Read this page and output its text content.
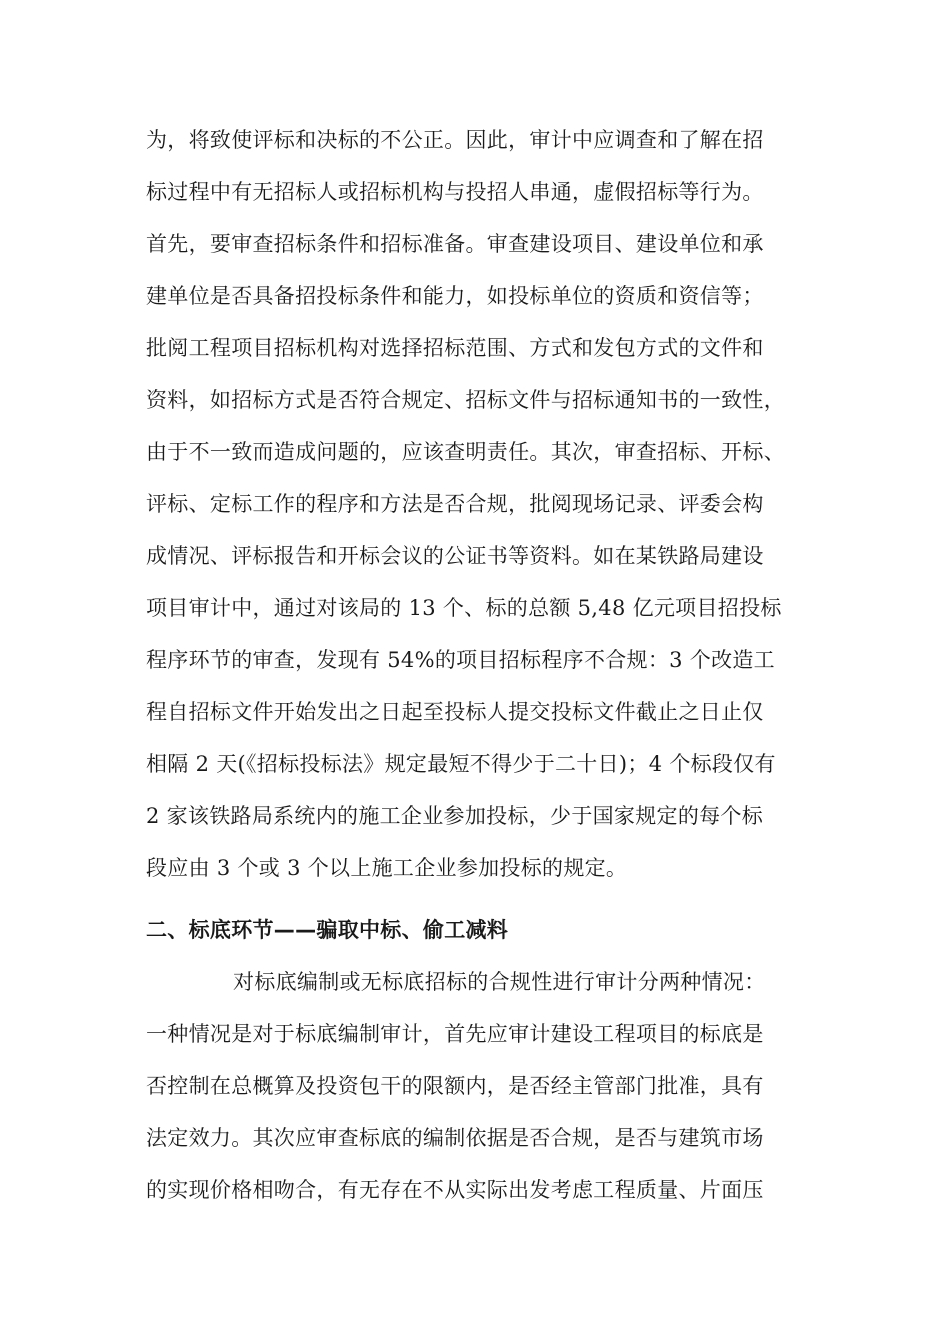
为，将致使评标和决标的不公正。因此，审计中应调查和了解在招
标过程中有无招标人或招标机构与投招人串通，虚假招标等行为。
首先，要审查招标条件和招标准备。审查建设项目、建设单位和承
建单位是否具备招投标条件和能力，如投标单位的资质和资信等；
批阅工程项目招标机构对选择招标范围、方式和发包方式的文件和
资料，如招标方式是否符合规定、招标文件与招标通知书的一致性，
由于不一致而造成问题的，应该查明责任。其次，审查招标、开标、
评标、定标工作的程序和方法是否合规，批阅现场记录、评委会构
成情况、评标报告和开标会议的公证书等资料。如在某铁路局建设
项目审计中，通过对该局的 13 个、标的总额 5,48 亿元项目招投标
程序环节的审查，发现有 54%的项目招标程序不合规：3 个改造工
程自招标文件开始发出之日起至投标人提交投标文件截止之日止仅
相隔 2 天(《招标投标法》规定最短不得少于二十日)；4 个标段仅有
2 家该铁路局系统内的施工企业参加投标，少于国家规定的每个标
段应由 3 个或 3 个以上施工企业参加投标的规定。
二、标底环节——骗取中标、偷工减料
对标底编制或无标底招标的合规性进行审计分两种情况：
一种情况是对于标底编制审计，首先应审计建设工程项目的标底是
否控制在总概算及投资包干的限额内，是否经主管部门批准，具有
法定效力。其次应审查标底的编制依据是否合规，是否与建筑市场
的实现价格相吻合，有无存在不从实际出发考虑工程质量、片面压
